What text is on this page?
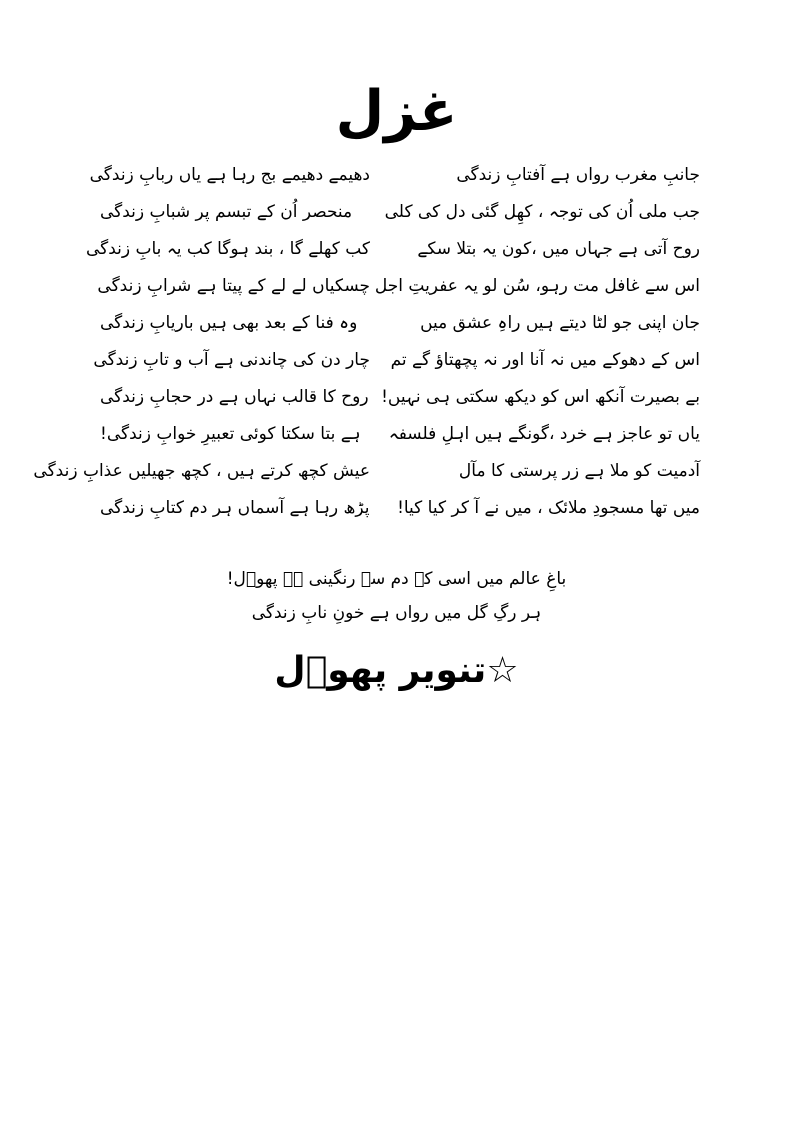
غزل
جانبِ مغرب رواں ہے آفتابِ زندگی
دھیمے دھیمے بج رہا ہے یاں ربابِ زندگی
جب ملی اُن کی توجہ ، کھِل گئی دل کی کلی
منحصر اُن کے تبسم پر شبابِ زندگی
روح آتی ہے جہاں میں ،کون یہ بتلا سکے
کب کھلے گا ، بند ہوگا کب یہ بابِ زندگی
اس سے غافل مت رہو، سُن لو یہ عفریتِ اجل
چسکیاں لے لے کے پیتا ہے شرابِ زندگی
جان اپنی جو لٹا دیتے ہیں راہِ عشق میں
وہ فنا کے بعد بھی ہیں باریابِ زندگی
اس کے دھوکے میں نہ آنا اور نہ پچھتاؤ گے تم
چار دن کی چاندنی ہے آب و تابِ زندگی
بے بصیرت آنکھ اس کو دیکھ سکتی ہی نہیں!
روح کا قالب نہاں ہے در حجابِ زندگی
یاں تو عاجز ہے خرد ،گونگے ہیں اہلِ فلسفہ
ہے بتا سکتا کوئی تعبیرِ خوابِ زندگی!
آدمیت کو ملا ہے زر پرستی کا مآل
عیش کچھ کرتے ہیں ، کچھ جھیلیں عذابِ زندگی
میں تھا مسجودِ ملائک ، میں نے آ کر کیا کیا!
پڑھ رہا ہے آسماں ہر دم کتابِ زندگی
باغِ عالم میں اسی کے دم سے رنگینی ہے پھوؔل!
ہر رگِ گل میں رواں ہے خونِ نابِ زندگی
☆تنویر پھوؔل
